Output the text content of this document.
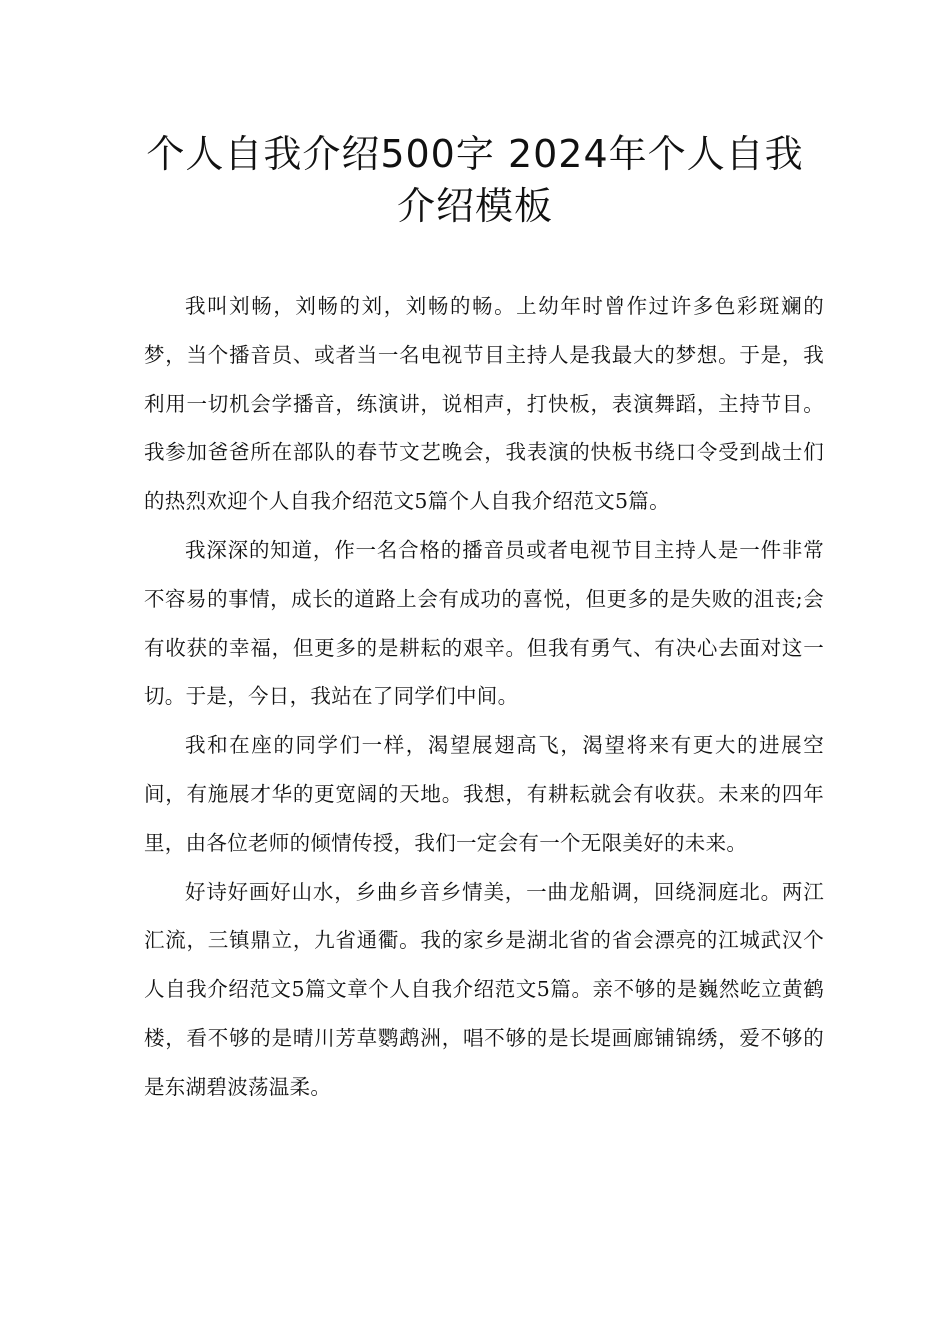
个人自我介绍500字 2024年个人自我
介绍模板

我叫刘畅，刘畅的刘，刘畅的畅。上幼年时曾作过许多色彩斑斓的梦，当个播音员、或者当一名电视节目主持人是我最大的梦想。于是，我利用一切机会学播音，练演讲，说相声，打快板，表演舞蹈，主持节目。我参加爸爸所在部队的春节文艺晚会，我表演的快板书绕口令受到战士们的热烈欢迎个人自我介绍范文5篇个人自我介绍范文5篇。

我深深的知道，作一名合格的播音员或者电视节目主持人是一件非常不容易的事情，成长的道路上会有成功的喜悦，但更多的是失败的沮丧;会有收获的幸福，但更多的是耕耘的艰辛。但我有勇气、有决心去面对这一切。于是，今日，我站在了同学们中间。

我和在座的同学们一样，渴望展翅高飞，渴望将来有更大的进展空间，有施展才华的更宽阔的天地。我想，有耕耘就会有收获。未来的四年里，由各位老师的倾情传授，我们一定会有一个无限美好的未来。

好诗好画好山水，乡曲乡音乡情美，一曲龙船调，回绕洞庭北。两江汇流，三镇鼎立，九省通衢。我的家乡是湖北省的省会漂亮的江城武汉个人自我介绍范文5篇文章个人自我介绍范文5篇。亲不够的是巍然屹立黄鹤楼，看不够的是晴川芳草鹦鹉洲，唱不够的是长堤画廊铺锦绣，爱不够的是东湖碧波荡温柔。
